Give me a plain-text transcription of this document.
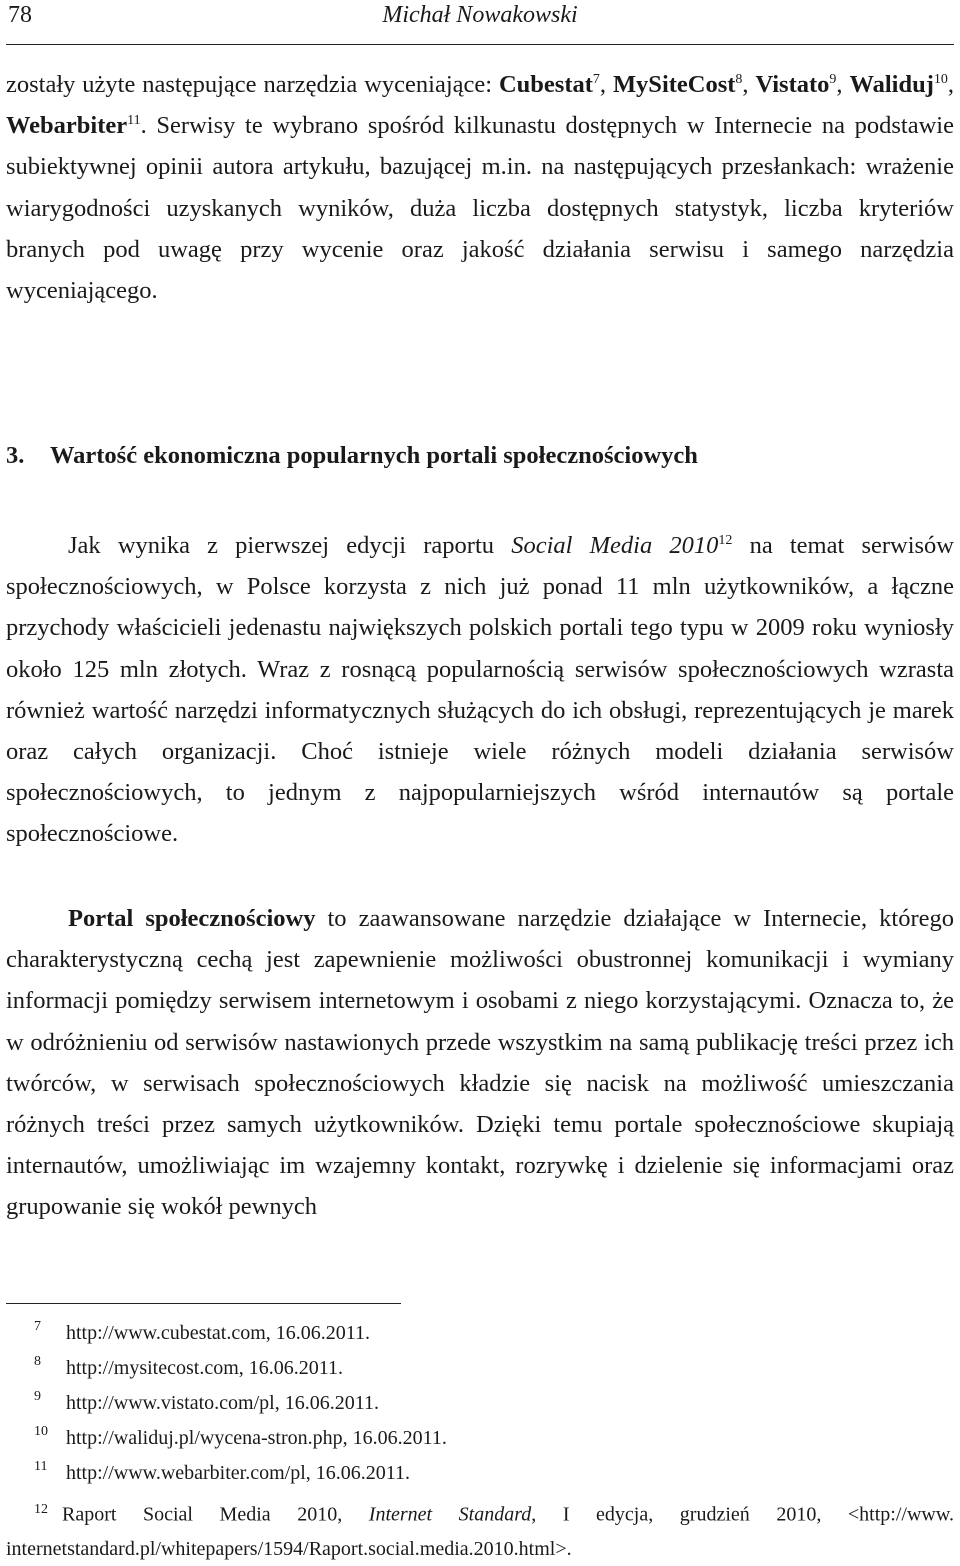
78	Michał Nowakowski

zostały użyte następujące narzędzia wyceniające: Cubestat$^7$, MySiteCost$^8$, Vistato$^9$, Waliduj$^{10}$, Webarbiter$^{11}$. Serwisy te wybrano spośród kilkunastu dostępnych w Internecie na podstawie subiektywnej opinii autora artykułu, bazującej m.in. na następujących przesłankach: wrażenie wiarygodności uzyskanych wyników, duża liczba dostępnych statystyk, liczba kryteriów branych pod uwagę przy wycenie oraz jakość działania serwisu i samego narzędzia wyceniającego.

3. Wartość ekonomiczna popularnych portali społecznościowych

Jak wynika z pierwszej edycji raportu Social Media 2010$^{12}$ na temat serwisów społecznościowych, w Polsce korzysta z nich już ponad 11 mln użytkowników, a łączne przychody właścicieli jedenastu największych polskich portali tego typu w 2009 roku wyniosły około 125 mln złotych. Wraz z rosnącą popularnością serwisów społecznościowych wzrasta również wartość narzędzi informatycznych służących do ich obsługi, reprezentujących je marek oraz całych organizacji. Choć istnieje wiele różnych modeli działania serwisów społecznościowych, to jednym z najpopularniejszych wśród internautów są portale społecznościowe.

Portal społecznościowy to zaawansowane narzędzie działające w Internecie, którego charakterystyczną cechą jest zapewnienie możliwości obustronnej komunikacji i wymiany informacji pomiędzy serwisem internetowym i osobami z niego korzystającymi. Oznacza to, że w odróżnieniu od serwisów nastawionych przede wszystkim na samą publikację treści przez ich twórców, w serwisach społecznościowych kładzie się nacisk na możliwość umieszczania różnych treści przez samych użytkowników. Dzięki temu portale społecznościowe skupiają internautów, umożliwiając im wzajemny kontakt, rozrywkę i dzielenie się informacjami oraz grupowanie się wokół pewnych

7 http://www.cubestat.com, 16.06.2011.
8 http://mysitecost.com, 16.06.2011.
9 http://www.vistato.com/pl, 16.06.2011.
10 http://waliduj.pl/wycena-stron.php, 16.06.2011.
11 http://www.webarbiter.com/pl, 16.06.2011.
$^{12}$ Raport Social Media 2010, Internet Standard, I edycja, grudzień 2010, <http://www. internetstandard.pl/whitepapers/1594/Raport.social.media.2010.html>.
